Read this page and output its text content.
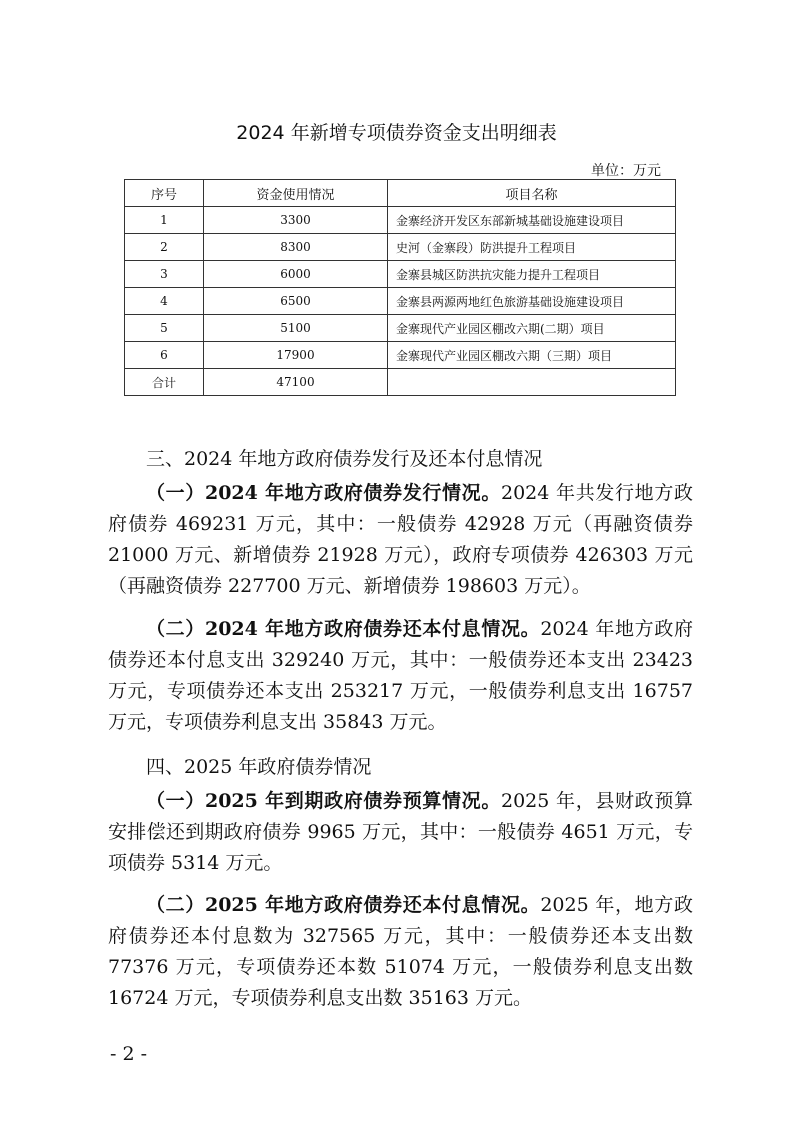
2024 年新增专项债券资金支出明细表
单位：万元
序号	资金使用情况	项目名称
1	3300	金寨经济开发区东部新城基础设施建设项目
2	8300	史河（金寨段）防洪提升工程项目
3	6000	金寨县城区防洪抗灾能力提升工程项目
4	6500	金寨县两源两地红色旅游基础设施建设项目
5	5100	金寨现代产业园区棚改六期(二期）项目
6	17900	金寨现代产业园区棚改六期（三期）项目
合计	47100	

三、2024 年地方政府债券发行及还本付息情况

（一）2024 年地方政府债券发行情况。2024 年共发行地方政府债券 469231 万元，其中：一般债券 42928 万元（再融资债券 21000 万元、新增债券 21928 万元），政府专项债券 426303 万元（再融资债券 227700 万元、新增债券 198603 万元）。

（二）2024 年地方政府债券还本付息情况。2024 年地方政府债券还本付息支出 329240 万元，其中：一般债券还本支出 23423 万元，专项债券还本支出 253217 万元，一般债券利息支出 16757 万元，专项债券利息支出 35843 万元。

四、2025 年政府债券情况

（一）2025 年到期政府债券预算情况。2025 年，县财政预算安排偿还到期政府债券 9965 万元，其中：一般债券 4651 万元，专项债券 5314 万元。

（二）2025 年地方政府债券还本付息情况。2025 年，地方政府债券还本付息数为 327565 万元，其中：一般债券还本支出数 77376 万元，专项债券还本数 51074 万元，一般债券利息支出数 16724 万元，专项债券利息支出数 35163 万元。

- 2 -
